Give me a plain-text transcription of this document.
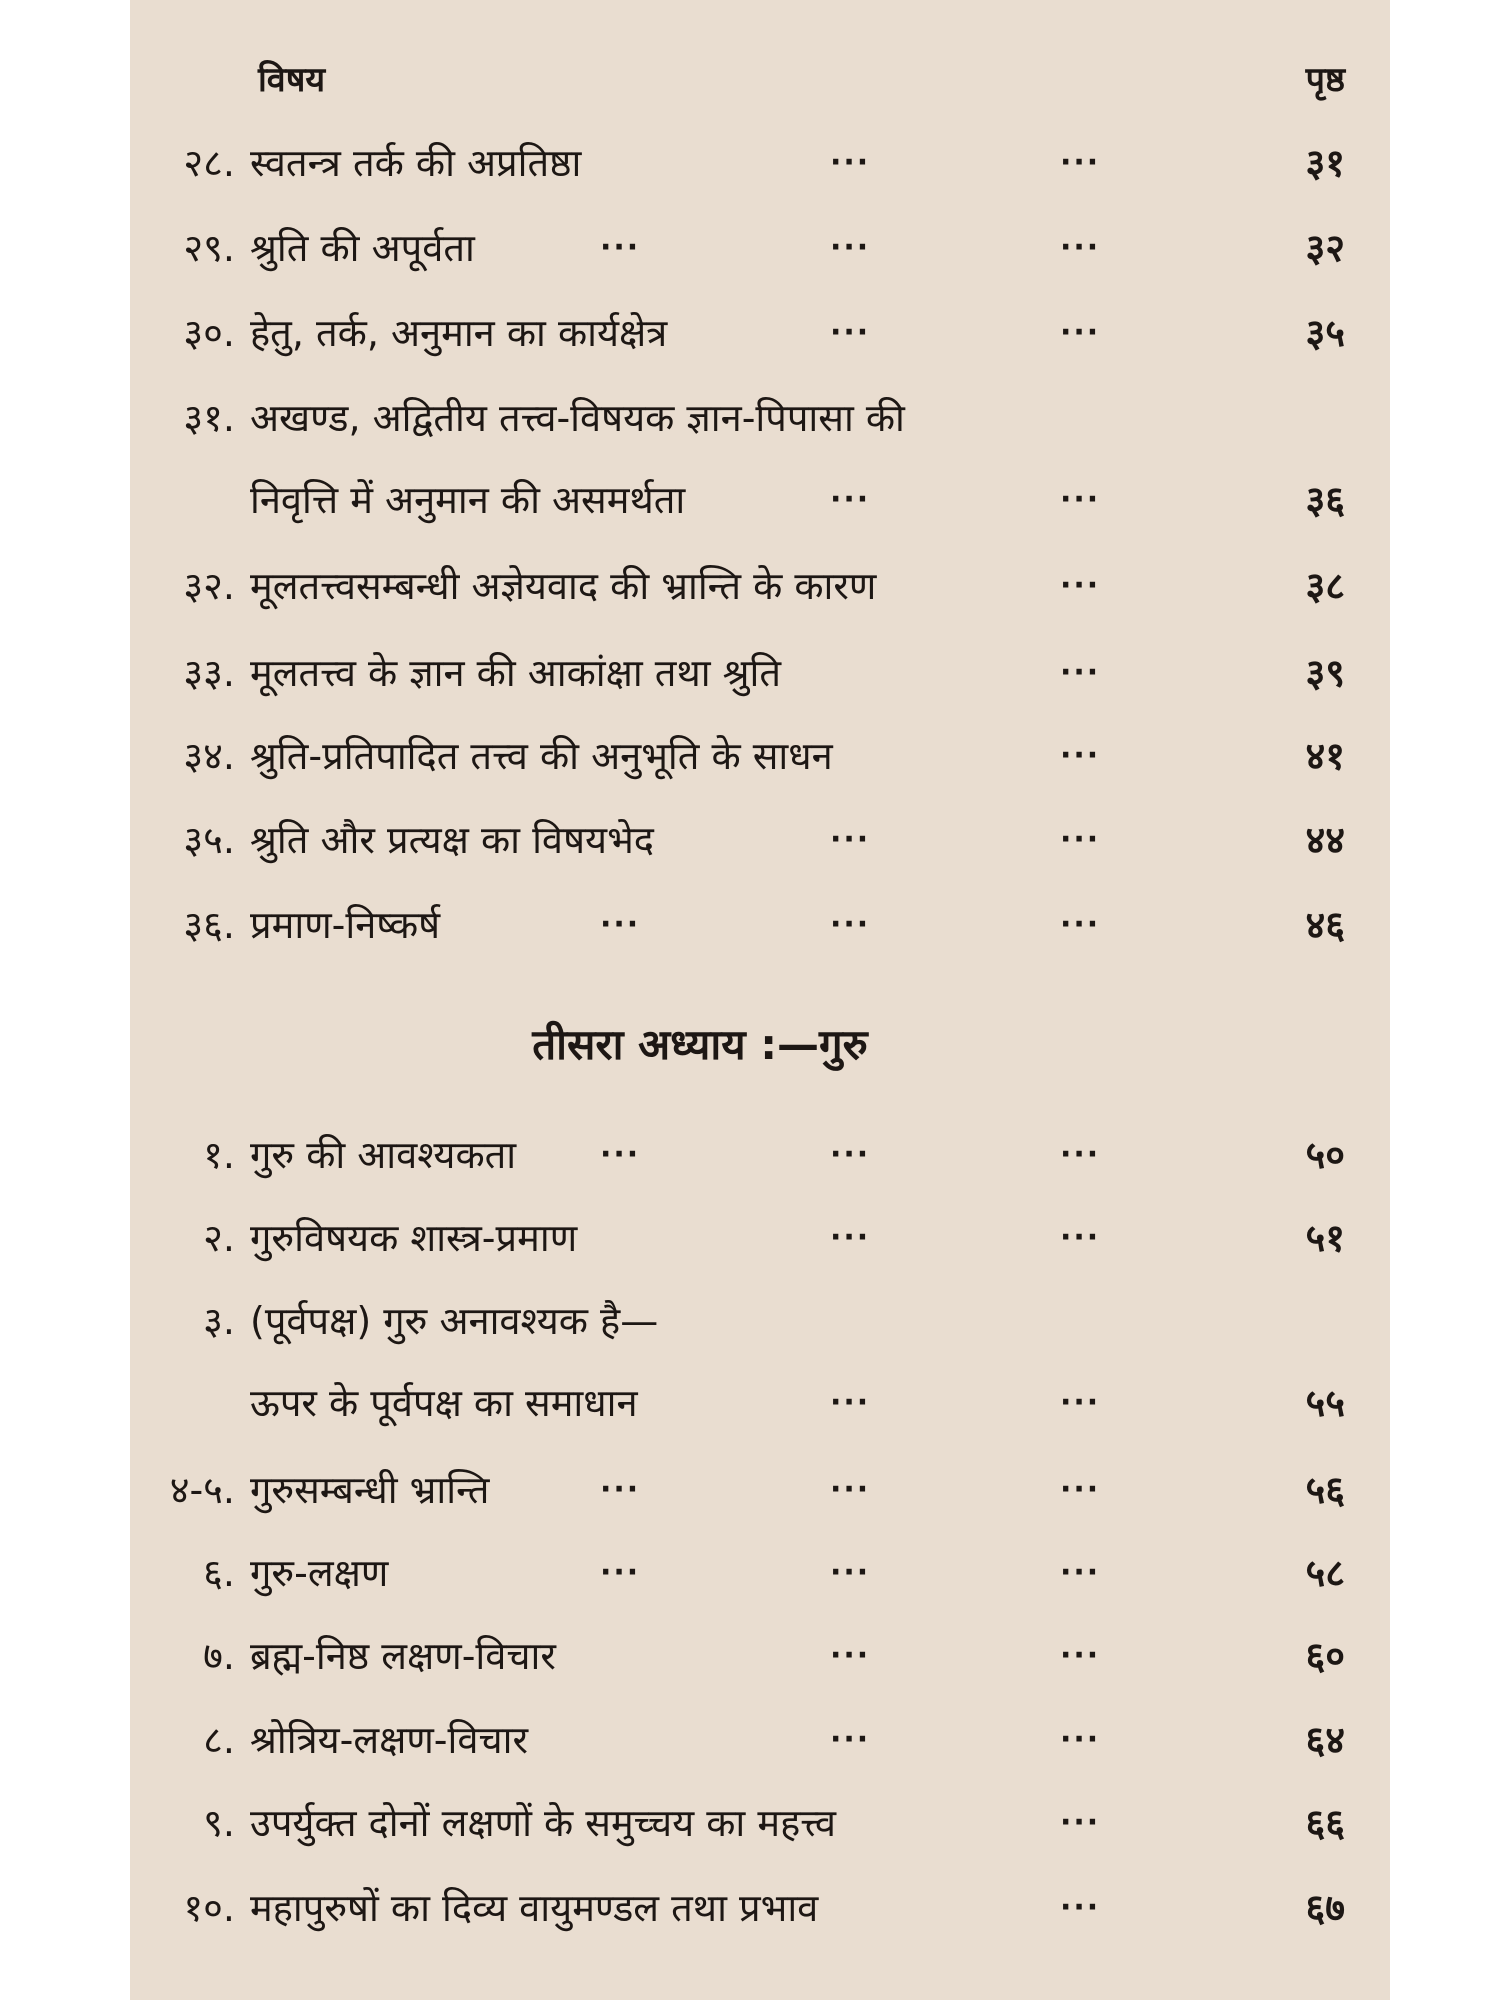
विषय	पृष्ठ
२८. स्वतन्त्र तर्क की अप्रतिष्ठा	···	···	३१
२९. श्रुति की अपूर्वता	···	···	···	३२
३०. हेतु, तर्क, अनुमान का कार्यक्षेत्र	···	···	३५
३१. अखण्ड, अद्वितीय तत्त्व-विषयक ज्ञान-पिपासा की
निवृत्ति में अनुमान की असमर्थता	···	···	३६
३२. मूलतत्त्वसम्बन्धी अज्ञेयवाद की भ्रान्ति के कारण	···	३८
३३. मूलतत्त्व के ज्ञान की आकांक्षा तथा श्रुति	···	३९
३४. श्रुति-प्रतिपादित तत्त्व की अनुभूति के साधन	···	४१
३५. श्रुति और प्रत्यक्ष का विषयभेद	···	···	४४
३६. प्रमाण-निष्कर्ष	···	···	···	४६
तीसरा अध्याय :—गुरु
१. गुरु की आवश्यकता	···	···	···	५०
२. गुरुविषयक शास्त्र-प्रमाण	···	···	५१
३. (पूर्वपक्ष) गुरु अनावश्यक है—
ऊपर के पूर्वपक्ष का समाधान	···	···	५५
४-५. गुरुसम्बन्धी भ्रान्ति	···	···	···	५६
६. गुरु-लक्षण	···	···	···	५८
७. ब्रह्म-निष्ठ लक्षण-विचार	···	···	६०
८. श्रोत्रिय-लक्षण-विचार	···	···	६४
९. उपर्युक्त दोनों लक्षणों के समुच्चय का महत्त्व	···	६६
१०. महापुरुषों का दिव्य वायुमण्डल तथा प्रभाव	···	६७
